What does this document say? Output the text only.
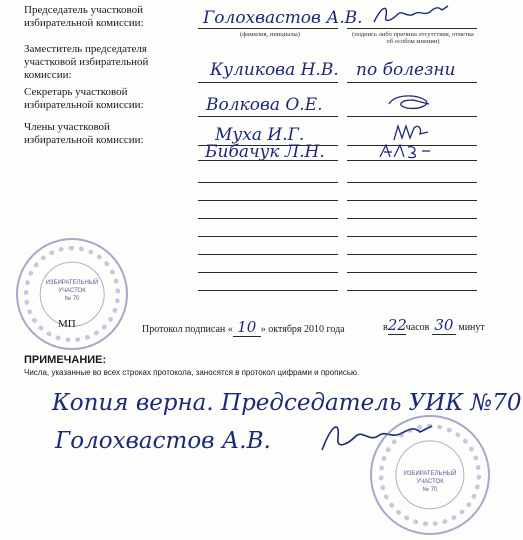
Председатель участковой избирательной комиссии:	Голохвастов А.В.
(фамилия, инициалы)	(подпись либо причина отсутствия, отметка об особом мнении)
Заместитель председателя участковой избирательной комиссии:	Куликова Н.В. по болезни
Секретарь участковой избирательной комиссии:	Волкова О.Е.
Члены участковой избирательной комиссии:	Муха И.Г.
Бибачук Л.Н.
ИЗБИРАТЕЛЬНЫЙ
УЧАСТОК
№ 70
МП	Протокол подписан « 10 » октября 2010 года	в22часов 30 минут
ПРИМЕЧАНИЕ:
Числа, указанные во всех строках протокола, заносятся в протокол цифрами и прописью.
Копия верна. Председатель УИК №70
Голохвастов А.В.
ИЗБИРАТЕЛЬНЫЙ
УЧАСТОК
№ 70
